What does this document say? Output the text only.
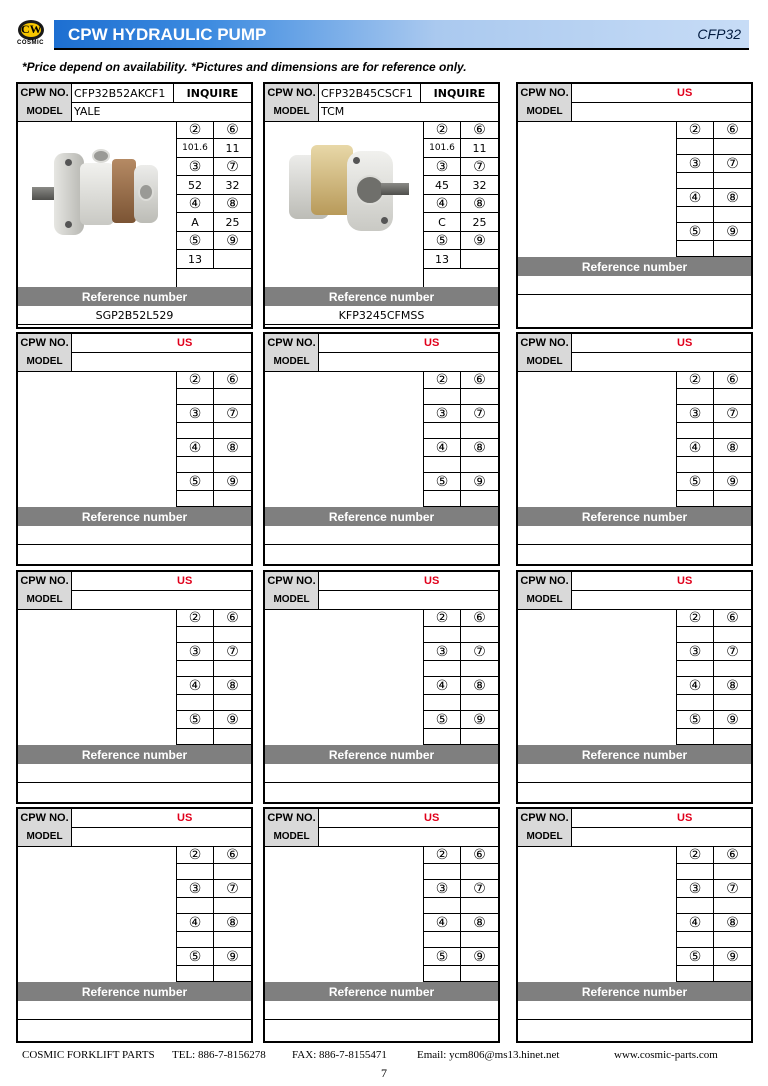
CW
COSMIC CPW HYDRAULIC PUMP	CFP32
*Price depend on availability. *Pictures and dimensions are for reference only.
CPW NO. CFP32B52AKCF1	INQUIRE
MODEL	YALE
②	⑥
101.6	11
③	⑦
52	32
④	⑧
A	25
⑤	⑨
13
Reference number
SGP2B52L529
CPW NO. CFP32B45CSCF1	INQUIRE
MODEL	TCM
②	⑥
101.6	11
③	⑦
45	32
④	⑧
C	25
⑤	⑨
13
Reference number
KFP3245CFMSS
CPW NO.	US
MODEL
②	⑥
③	⑦
④	⑧
⑤	⑨
Reference number
CPW NO.	US
MODEL
②	⑥
③	⑦
④	⑧
⑤	⑨
Reference number
CPW NO.	US
MODEL
②	⑥
③	⑦
④	⑧
⑤	⑨
Reference number
CPW NO.	US
MODEL
②	⑥
③	⑦
④	⑧
⑤	⑨
Reference number
CPW NO.	US
MODEL
②	⑥
③	⑦
④	⑧
⑤	⑨
Reference number
CPW NO.	US
MODEL
②	⑥
③	⑦
④	⑧
⑤	⑨
Reference number
CPW NO.	US
MODEL
②	⑥
③	⑦
④	⑧
⑤	⑨
Reference number
CPW NO.	US
MODEL
②	⑥
③	⑦
④	⑧
⑤	⑨
Reference number
CPW NO.	US
MODEL
②	⑥
③	⑦
④	⑧
⑤	⑨
Reference number
CPW NO.	US
MODEL
②	⑥
③	⑦
④	⑧
⑤	⑨
Reference number
COSMIC FORKLIFT PARTS TEL: 886-7-8156278 FAX: 886-7-8155471	Email: ycm806@ms13.hinet.net	www.cosmic-parts.com
7
